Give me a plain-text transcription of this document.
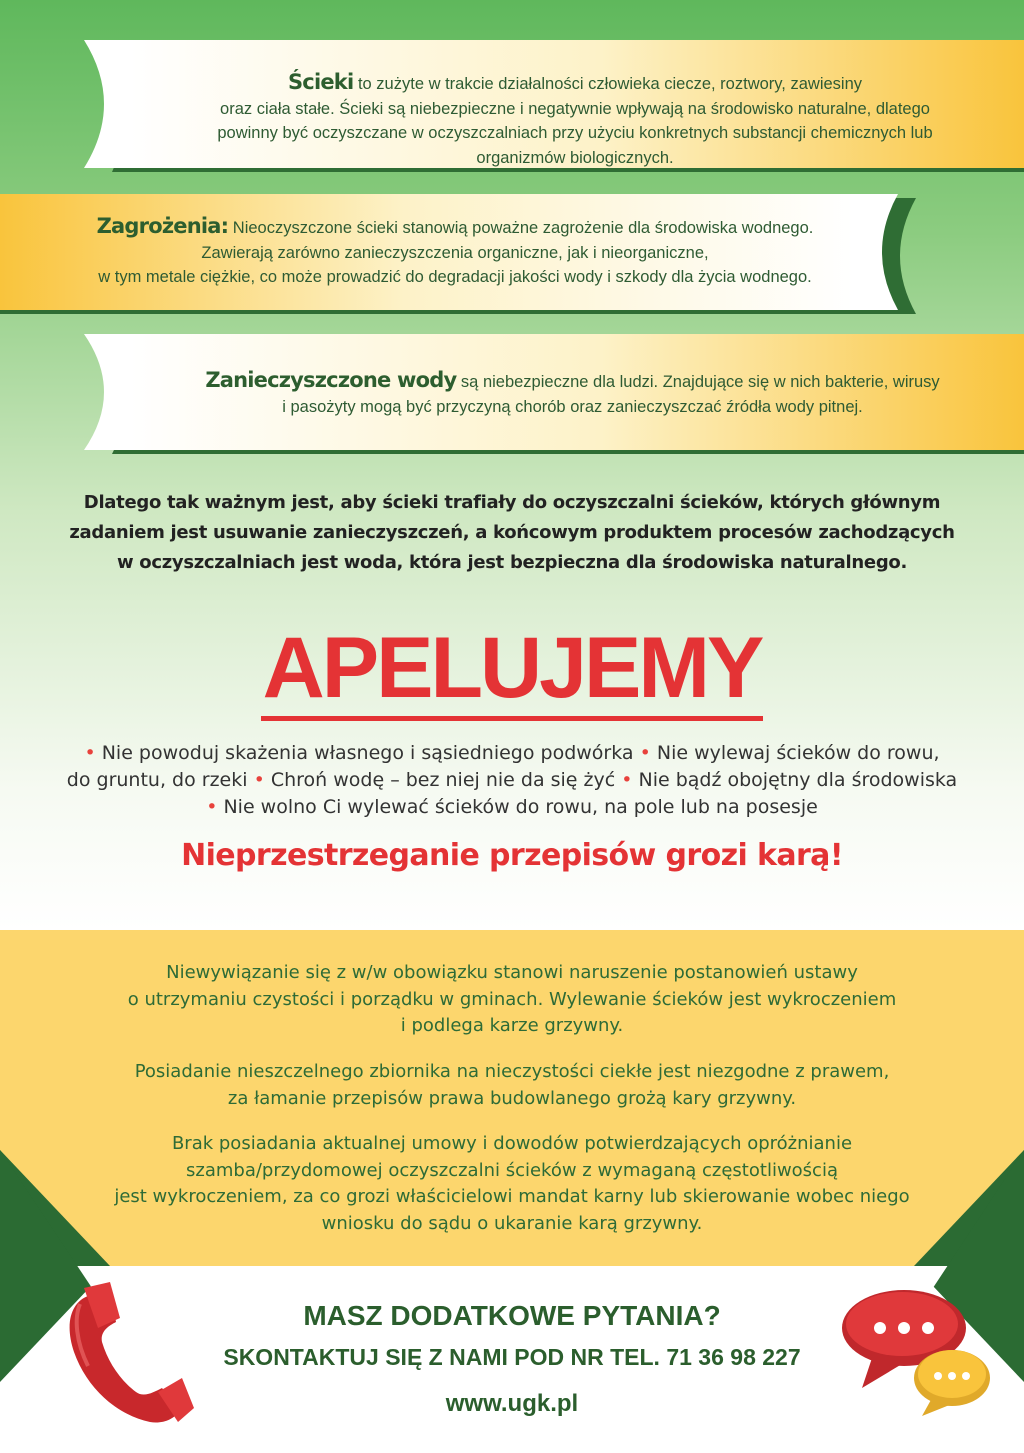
Ścieki to zużyte w trakcie działalności człowieka ciecze, roztwory, zawiesiny
oraz ciała stałe. Ścieki są niebezpieczne i negatywnie wpływają na środowisko naturalne, dlatego
powinny być oczyszczane w oczyszczalniach przy użyciu konkretnych substancji chemicznych lub
organizmów biologicznych.
Zagrożenia: Nieoczyszczone ścieki stanowią poważne zagrożenie dla środowiska wodnego.
Zawierają zarówno zanieczyszczenia organiczne, jak i nieorganiczne,
w tym metale ciężkie, co może prowadzić do degradacji jakości wody i szkody dla życia wodnego.
Zanieczyszczone wody są niebezpieczne dla ludzi. Znajdujące się w nich bakterie, wirusy
i pasożyty mogą być przyczyną chorób oraz zanieczyszczać źródła wody pitnej.
Dlatego tak ważnym jest, aby ścieki trafiały do oczyszczalni ścieków, których głównym
zadaniem jest usuwanie zanieczyszczeń, a końcowym produktem procesów zachodzących
w oczyszczalniach jest woda, która jest bezpieczna dla środowiska naturalnego.
APELUJEMY
• Nie powoduj skażenia własnego i sąsiedniego podwórka • Nie wylewaj ścieków do rowu,
do gruntu, do rzeki • Chroń wodę – bez niej nie da się żyć • Nie bądź obojętny dla środowiska
• Nie wolno Ci wylewać ścieków do rowu, na pole lub na posesje
Nieprzestrzeganie przepisów grozi karą!
Niewywiązanie się z w/w obowiązku stanowi naruszenie postanowień ustawy
o utrzymaniu czystości i porządku w gminach. Wylewanie ścieków jest wykroczeniem
i podlega karze grzywny.
Posiadanie nieszczelnego zbiornika na nieczystości ciekłe jest niezgodne z prawem,
za łamanie przepisów prawa budowlanego grożą kary grzywny.
Brak posiadania aktualnej umowy i dowodów potwierdzających opróżnianie
szamba/przydomowej oczyszczalni ścieków z wymaganą częstotliwością
jest wykroczeniem, za co grozi właścicielowi mandat karny lub skierowanie wobec niego
wniosku do sądu o ukaranie karą grzywny.
MASZ DODATKOWE PYTANIA?
SKONTAKTUJ SIĘ Z NAMI POD NR TEL. 71 36 98 227
www.ugk.pl
